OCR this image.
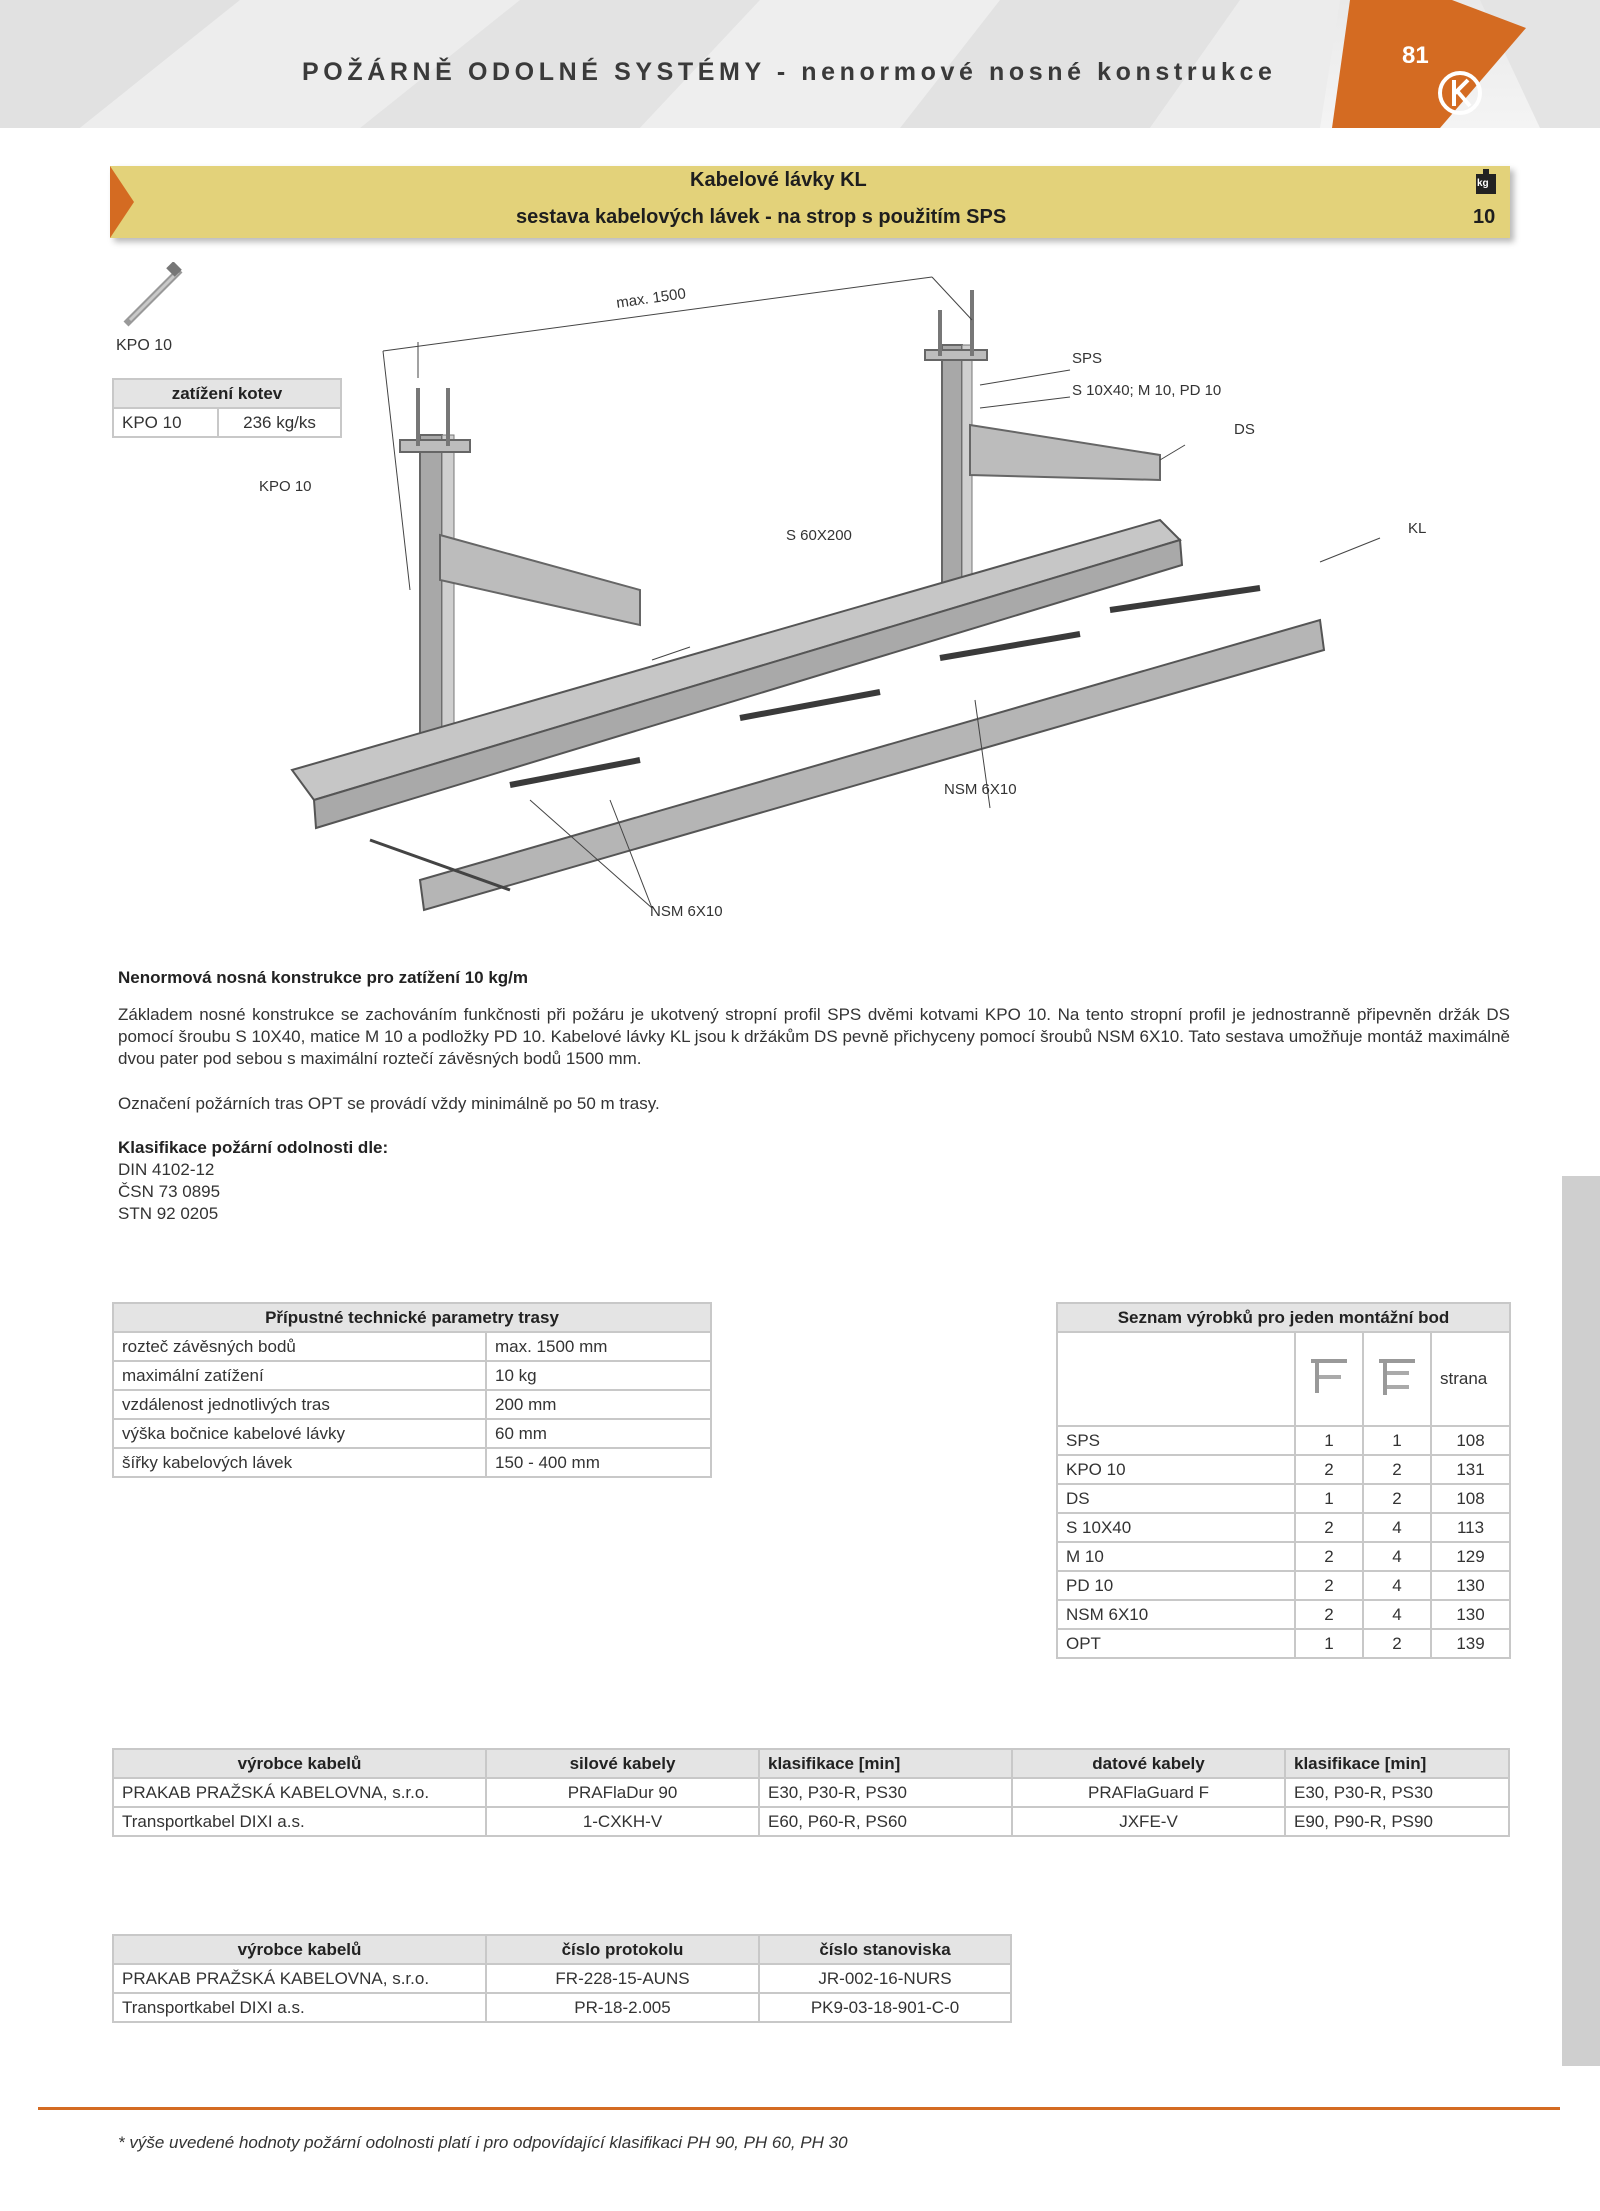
81
POŽÁRNĚ ODOLNÉ SYSTÉMY - nenormové nosné konstrukce
Kabelové lávky KL
sestava kabelových lávek - na strop s použitím SPS
kg
10
KPO 10
zatížení kotev
KPO 10	236 kg/ks
max. 1500
KPO 10
SPS
S 10X40; M 10, PD 10
DS
KL
S 60X200
NSM 6X10
NSM 6X10
Nenormová nosná konstrukce pro zatížení 10 kg/m
Základem nosné konstrukce se zachováním funkčnosti při požáru je ukotvený stropní profil SPS dvěmi kotvami KPO 10. Na tento stropní profil je jednostranně připevněn držák DS pomocí šroubu S 10X40, matice M 10 a podložky PD 10. Kabelové lávky KL jsou k držákům DS pevně přichyceny pomocí šroubů NSM 6X10. Tato sestava umožňuje montáž maximálně dvou pater pod sebou s maximální roztečí závěsných bodů 1500 mm.
Označení požárních tras OPT se provádí vždy minimálně po 50 m trasy.
Klasifikace požární odolnosti dle:
DIN 4102-12
ČSN 73 0895
STN 92 0205
Přípustné technické parametry trasy	
rozteč závěsných bodů	max. 1500 mm
maximální zatížení	10 kg
vzdálenost jednotlivých tras	200 mm
výška bočnice kabelové lávky	60 mm
šířky kabelových lávek	150 - 400 mm
Seznam výrobků pro jeden montážní bod			
			strana
SPS	1	1	108
KPO 10	2	2	131
DS	1	2	108
S 10X40	2	4	113
M 10	2	4	129
PD 10	2	4	130
NSM 6X10	2	4	130
OPT	1	2	139
výrobce kabelů	silové kabely	klasifikace [min]	datové kabely	klasifikace [min]
PRAKAB PRAŽSKÁ KABELOVNA, s.r.o.	PRAFlaDur 90	E30, P30-R, PS30	PRAFlaGuard F	E30, P30-R, PS30
Transportkabel DIXI a.s.	1-CXKH-V	E60, P60-R, PS60	JXFE-V	E90, P90-R, PS90
výrobce kabelů	číslo protokolu	číslo stanoviska
PRAKAB PRAŽSKÁ KABELOVNA, s.r.o.	FR-228-15-AUNS	JR-002-16-NURS
Transportkabel DIXI a.s.	PR-18-2.005	PK9-03-18-901-C-0
* výše uvedené hodnoty požární odolnosti platí i pro odpovídající klasifikaci PH 90, PH 60, PH 30
